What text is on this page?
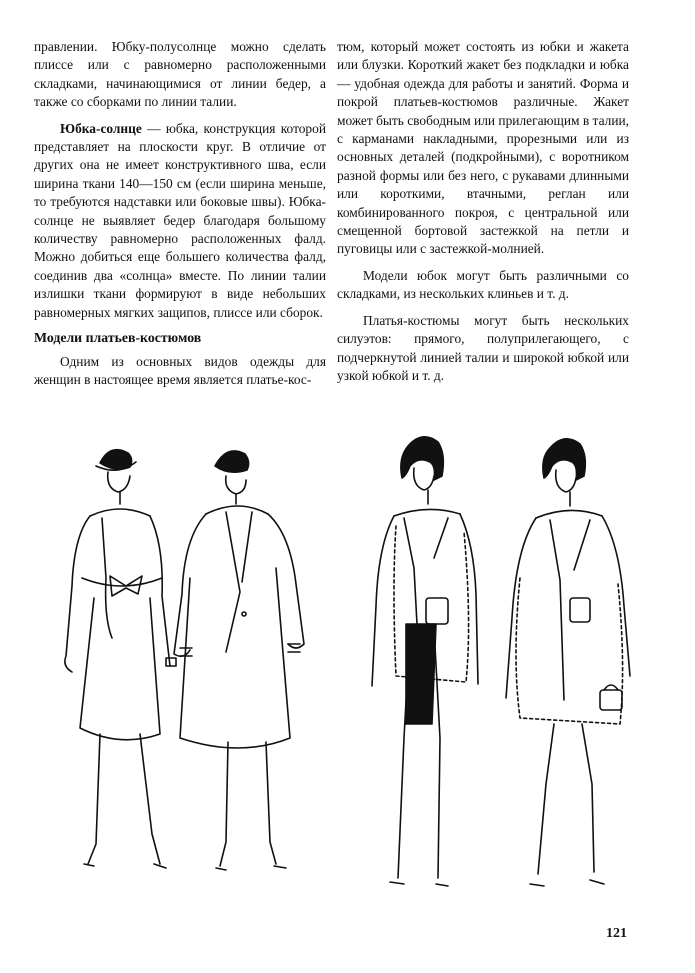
правлении. Юбку-полусолнце можно сделать плиссе или с равномерно расположенными складками, начинающимися от линии бедер, а также со сборками по линии талии.

Юбка-солнце — юбка, конструкция которой представляет на плоскости круг. В отличие от других она не имеет конструктивного шва, если ширина ткани 140—150 см (если ширина меньше, то требуются надставки или боковые швы). Юбка-солнце не выявляет бедер благодаря большому количеству равномерно расположенных фалд. Можно добиться еще большего количества фалд, соединив два «солнца» вместе. По линии талии излишки ткани формируют в виде небольших равномерных мягких защипов, плиссе или сборок.

Модели платьев-костюмов

Одним из основных видов одежды для женщин в настоящее время является платье-кос-

тюм, который может состоять из юбки и жакета или блузки. Короткий жакет без подкладки и юбка — удобная одежда для работы и занятий. Форма и покрой платьев-костюмов различные. Жакет может быть свободным или прилегающим в талии, с карманами накладными, прорезными или из основных деталей (подкройными), с воротником разной формы или без него, с рукавами длинными или короткими, втачными, реглан или комбинированного покроя, с центральной или смещенной бортовой застежкой на петли и пуговицы или с застежкой-молнией.

Модели юбок могут быть различными со складками, из нескольких клиньев и т. д.

Платья-костюмы могут быть нескольких силуэтов: прямого, полуприлегающего, с подчеркнутой линией талии и широкой юбкой или узкой юбкой и т. д.

121
